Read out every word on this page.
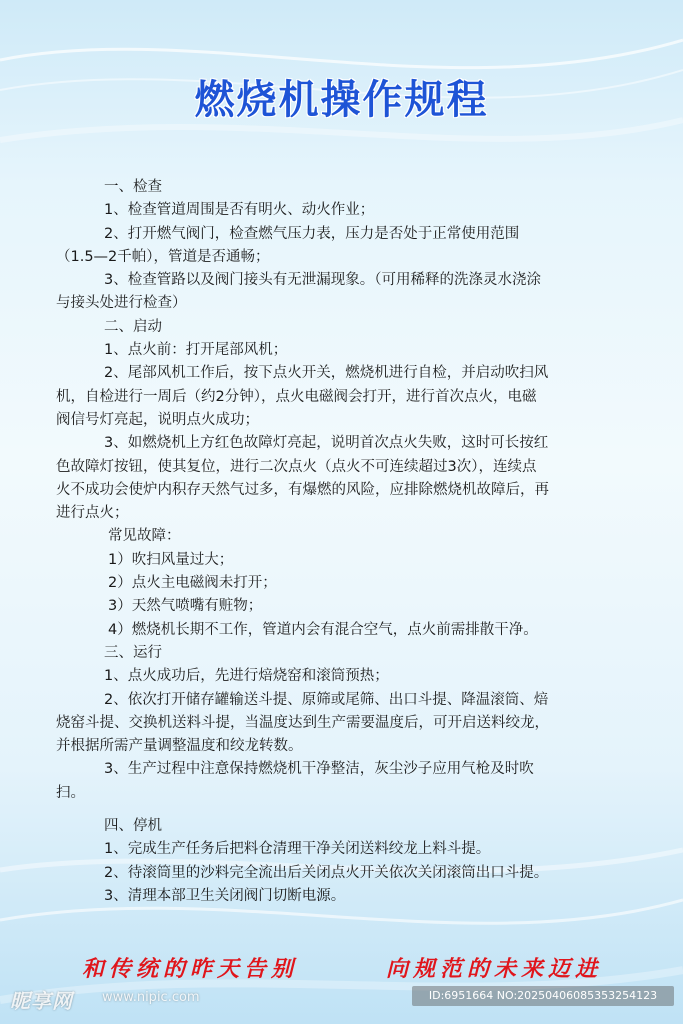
燃烧机操作规程
一、检查
1、检查管道周围是否有明火、动火作业；
2、打开燃气阀门，检查燃气压力表，压力是否处于正常使用范围
（1.5—2千帕），管道是否通畅；
3、检查管路以及阀门接头有无泄漏现象。（可用稀释的洗涤灵水浇涂
与接头处进行检查）
二、启动
1、点火前：打开尾部风机；
2、尾部风机工作后，按下点火开关，燃烧机进行自检，并启动吹扫风
机，自检进行一周后（约2分钟），点火电磁阀会打开，进行首次点火，电磁
阀信号灯亮起，说明点火成功；
3、如燃烧机上方红色故障灯亮起，说明首次点火失败，这时可长按红
色故障灯按钮，使其复位，进行二次点火（点火不可连续超过3次），连续点
火不成功会使炉内积存天然气过多，有爆燃的风险，应排除燃烧机故障后，再
进行点火；
常见故障：
1）吹扫风量过大；
2）点火主电磁阀未打开；
3）天然气喷嘴有赃物；
4）燃烧机长期不工作，管道内会有混合空气，点火前需排散干净。
三、运行
1、点火成功后，先进行焙烧窑和滚筒预热；
2、依次打开储存罐输送斗提、原筛或尾筛、出口斗提、降温滚筒、焙
烧窑斗提、交换机送料斗提，当温度达到生产需要温度后，可开启送料绞龙，
并根据所需产量调整温度和绞龙转数。
3、生产过程中注意保持燃烧机干净整洁，灰尘沙子应用气枪及时吹
扫。
四、停机
1、完成生产任务后把料仓清理干净关闭送料绞龙上料斗提。
2、待滚筒里的沙料完全流出后关闭点火开关依次关闭滚筒出口斗提。
3、清理本部卫生关闭阀门切断电源。
和传统的昨天告别	向规范的未来迈进
昵享网 www.nipic.com	ID:6951664 NO:20250406085353254123
